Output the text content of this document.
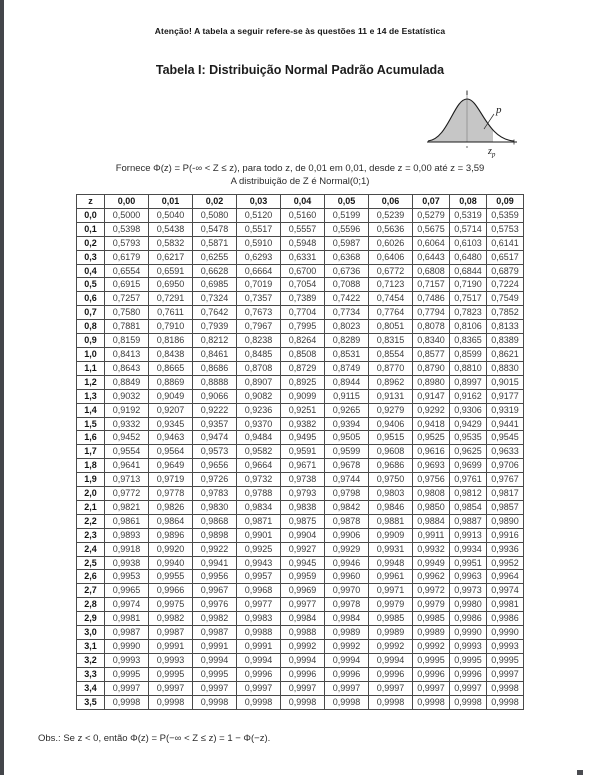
Atenção! A tabela a seguir refere-se às questões 11 e 14 de Estatística
Tabela I: Distribuição Normal Padrão Acumulada
p
$z_p$
Fornece Φ(z) = P(-∞ < Z ≤ z), para todo z, de 0,01 em 0,01, desde z = 0,00 até z = 3,59
A distribuição de Z é Normal(0;1)
z	0,00	0,01	0,02	0,03	0,04	0,05	0,06	0,07	0,08	0,09
0,0	0,5000	0,5040	0,5080	0,5120	0,5160	0,5199	0,5239	0,5279	0,5319	0,5359
0,1	0,5398	0,5438	0,5478	0,5517	0,5557	0,5596	0,5636	0,5675	0,5714	0,5753
0,2	0,5793	0,5832	0,5871	0,5910	0,5948	0,5987	0,6026	0,6064	0,6103	0,6141
0,3	0,6179	0,6217	0,6255	0,6293	0,6331	0,6368	0,6406	0,6443	0,6480	0,6517
0,4	0,6554	0,6591	0,6628	0,6664	0,6700	0,6736	0,6772	0,6808	0,6844	0,6879
0,5	0,6915	0,6950	0,6985	0,7019	0,7054	0,7088	0,7123	0,7157	0,7190	0,7224
0,6	0,7257	0,7291	0,7324	0,7357	0,7389	0,7422	0,7454	0,7486	0,7517	0,7549
0,7	0,7580	0,7611	0,7642	0,7673	0,7704	0,7734	0,7764	0,7794	0,7823	0,7852
0,8	0,7881	0,7910	0,7939	0,7967	0,7995	0,8023	0,8051	0,8078	0,8106	0,8133
0,9	0,8159	0,8186	0,8212	0,8238	0,8264	0,8289	0,8315	0,8340	0,8365	0,8389
1,0	0,8413	0,8438	0,8461	0,8485	0,8508	0,8531	0,8554	0,8577	0,8599	0,8621
1,1	0,8643	0,8665	0,8686	0,8708	0,8729	0,8749	0,8770	0,8790	0,8810	0,8830
1,2	0,8849	0,8869	0,8888	0,8907	0,8925	0,8944	0,8962	0,8980	0,8997	0,9015
1,3	0,9032	0,9049	0,9066	0,9082	0,9099	0,9115	0,9131	0,9147	0,9162	0,9177
1,4	0,9192	0,9207	0,9222	0,9236	0,9251	0,9265	0,9279	0,9292	0,9306	0,9319
1,5	0,9332	0,9345	0,9357	0,9370	0,9382	0,9394	0,9406	0,9418	0,9429	0,9441
1,6	0,9452	0,9463	0,9474	0,9484	0,9495	0,9505	0,9515	0,9525	0,9535	0,9545
1,7	0,9554	0,9564	0,9573	0,9582	0,9591	0,9599	0,9608	0,9616	0,9625	0,9633
1,8	0,9641	0,9649	0,9656	0,9664	0,9671	0,9678	0,9686	0,9693	0,9699	0,9706
1,9	0,9713	0,9719	0,9726	0,9732	0,9738	0,9744	0,9750	0,9756	0,9761	0,9767
2,0	0,9772	0,9778	0,9783	0,9788	0,9793	0,9798	0,9803	0,9808	0,9812	0,9817
2,1	0,9821	0,9826	0,9830	0,9834	0,9838	0,9842	0,9846	0,9850	0,9854	0,9857
2,2	0,9861	0,9864	0,9868	0,9871	0,9875	0,9878	0,9881	0,9884	0,9887	0,9890
2,3	0,9893	0,9896	0,9898	0,9901	0,9904	0,9906	0,9909	0,9911	0,9913	0,9916
2,4	0,9918	0,9920	0,9922	0,9925	0,9927	0,9929	0,9931	0,9932	0,9934	0,9936
2,5	0,9938	0,9940	0,9941	0,9943	0,9945	0,9946	0,9948	0,9949	0,9951	0,9952
2,6	0,9953	0,9955	0,9956	0,9957	0,9959	0,9960	0,9961	0,9962	0,9963	0,9964
2,7	0,9965	0,9966	0,9967	0,9968	0,9969	0,9970	0,9971	0,9972	0,9973	0,9974
2,8	0,9974	0,9975	0,9976	0,9977	0,9977	0,9978	0,9979	0,9979	0,9980	0,9981
2,9	0,9981	0,9982	0,9982	0,9983	0,9984	0,9984	0,9985	0,9985	0,9986	0,9986
3,0	0,9987	0,9987	0,9987	0,9988	0,9988	0,9989	0,9989	0,9989	0,9990	0,9990
3,1	0,9990	0,9991	0,9991	0,9991	0,9992	0,9992	0,9992	0,9992	0,9993	0,9993
3,2	0,9993	0,9993	0,9994	0,9994	0,9994	0,9994	0,9994	0,9995	0,9995	0,9995
3,3	0,9995	0,9995	0,9995	0,9996	0,9996	0,9996	0,9996	0,9996	0,9996	0,9997
3,4	0,9997	0,9997	0,9997	0,9997	0,9997	0,9997	0,9997	0,9997	0,9997	0,9998
3,5	0,9998	0,9998	0,9998	0,9998	0,9998	0,9998	0,9998	0,9998	0,9998	0,9998
Obs.: Se z < 0, então Φ(z) = P(−∞ < Z ≤ z) = 1 − Φ(−z).
